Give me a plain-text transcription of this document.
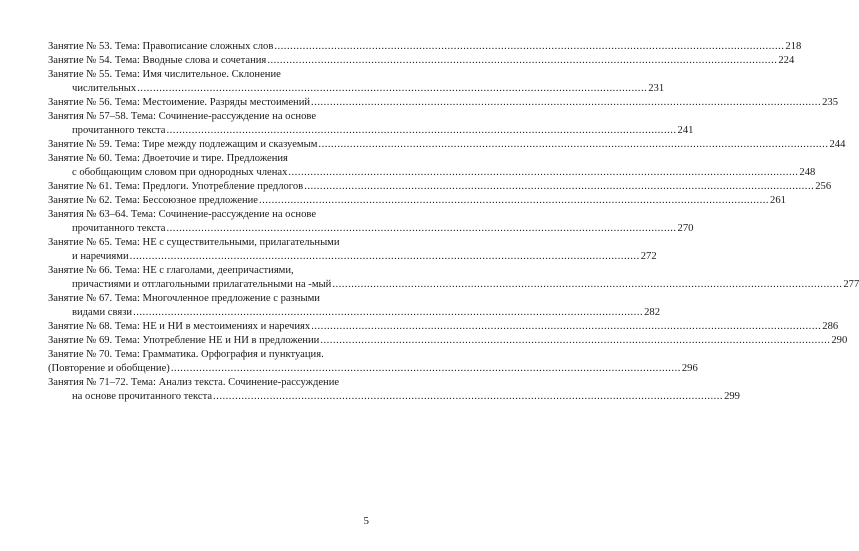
Занятие № 53. Тема: Правописание сложных слов .....	218
Занятие № 54. Тема: Вводные слова и сочетания .....	224
Занятие № 55. Тема: Имя числительное. Склонение
числительных .....	231
Занятие № 56. Тема: Местоимение. Разряды местоимений .....	235
Занятия № 57–58. Тема: Сочинение-рассуждение на основе
прочитанного текста .....	241
Занятие № 59. Тема: Тире между подлежащим и сказуемым .....	244
Занятие № 60. Тема: Двоеточие и тире. Предложения
с обобщающим словом при однородных членах .....	248
Занятие № 61. Тема: Предлоги. Употребление предлогов .....	256
Занятие № 62. Тема: Бессоюзное предложение .....	261
Занятия № 63–64. Тема: Сочинение-рассуждение на основе
прочитанного текста .....	270
Занятие № 65. Тема: НЕ с существительными, прилагательными
и наречиями .....	272
Занятие № 66. Тема: НЕ с глаголами, деепричастиями,
причастиями и отглагольными прилагательными на -мый .....	277
Занятие № 67. Тема: Многочленное предложение с разными
видами связи .....	282
Занятие № 68. Тема: НЕ и НИ в местоимениях и наречиях .....	286
Занятие № 69. Тема: Употребление НЕ и НИ в предложении .....	290
Занятие № 70. Тема: Грамматика. Орфография и пунктуация.
(Повторение и обобщение) .....	296
Занятия № 71–72. Тема: Анализ текста. Сочинение-рассуждение
на основе прочитанного текста .....	299
5
